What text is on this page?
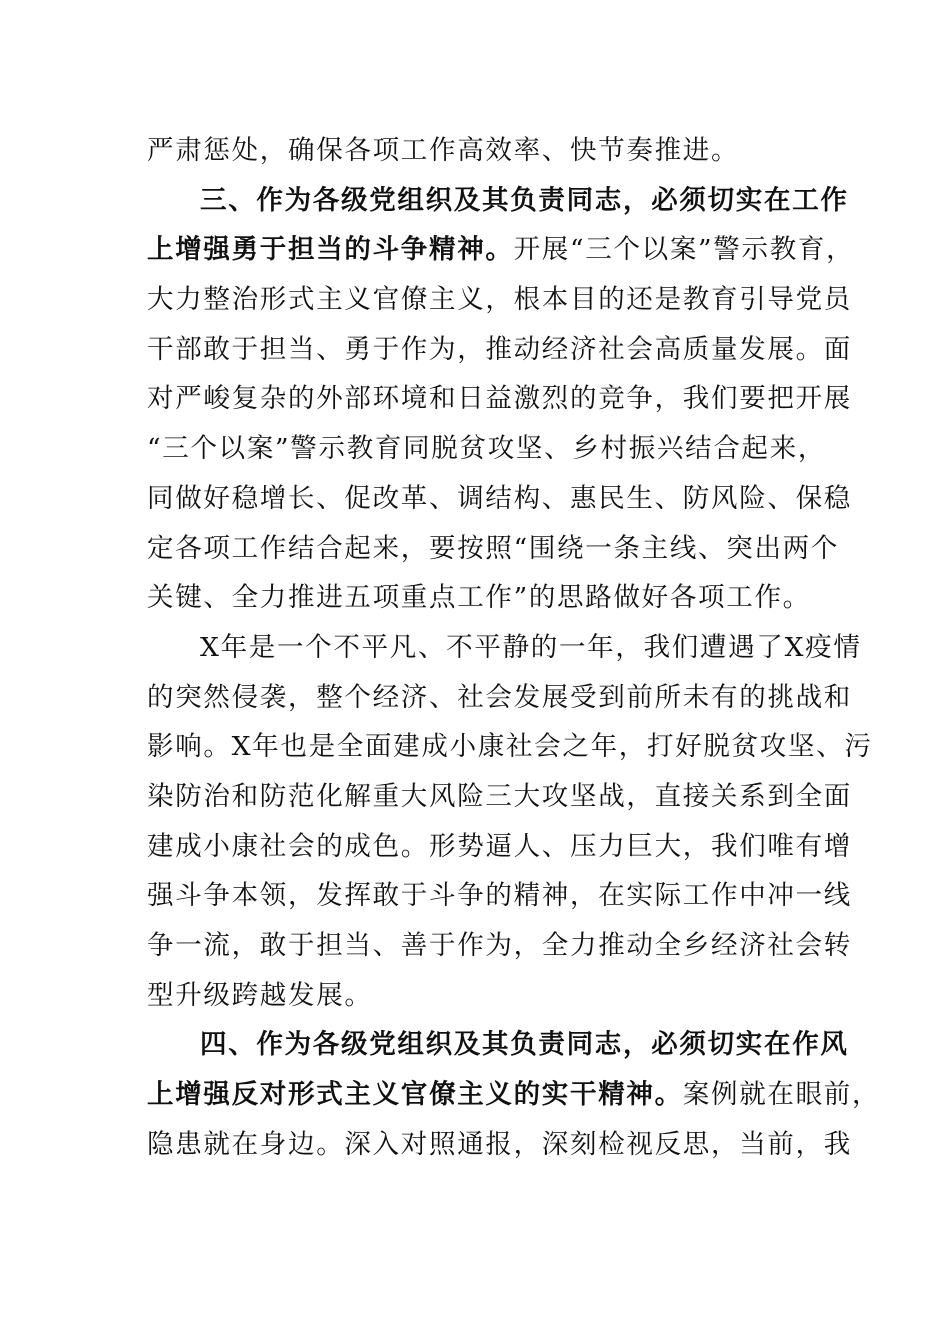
严肃惩处，确保各项工作高效率、快节奏推进。
三、作为各级党组织及其负责同志，必须切实在工作
上增强勇于担当的斗争精神。开展“三个以案”警示教育，
大力整治形式主义官僚主义，根本目的还是教育引导党员
干部敢于担当、勇于作为，推动经济社会高质量发展。面
对严峻复杂的外部环境和日益激烈的竞争，我们要把开展
“三个以案”警示教育同脱贫攻坚、乡村振兴结合起来，
同做好稳增长、促改革、调结构、惠民生、防风险、保稳
定各项工作结合起来，要按照“围绕一条主线、突出两个
关键、全力推进五项重点工作”的思路做好各项工作。
X年是一个不平凡、不平静的一年，我们遭遇了X疫情
的突然侵袭，整个经济、社会发展受到前所未有的挑战和
影响。X年也是全面建成小康社会之年，打好脱贫攻坚、污
染防治和防范化解重大风险三大攻坚战，直接关系到全面
建成小康社会的成色。形势逼人、压力巨大，我们唯有增
强斗争本领，发挥敢于斗争的精神，在实际工作中冲一线
争一流，敢于担当、善于作为，全力推动全乡经济社会转
型升级跨越发展。
四、作为各级党组织及其负责同志，必须切实在作风
上增强反对形式主义官僚主义的实干精神。案例就在眼前，
隐患就在身边。深入对照通报，深刻检视反思，当前，我
